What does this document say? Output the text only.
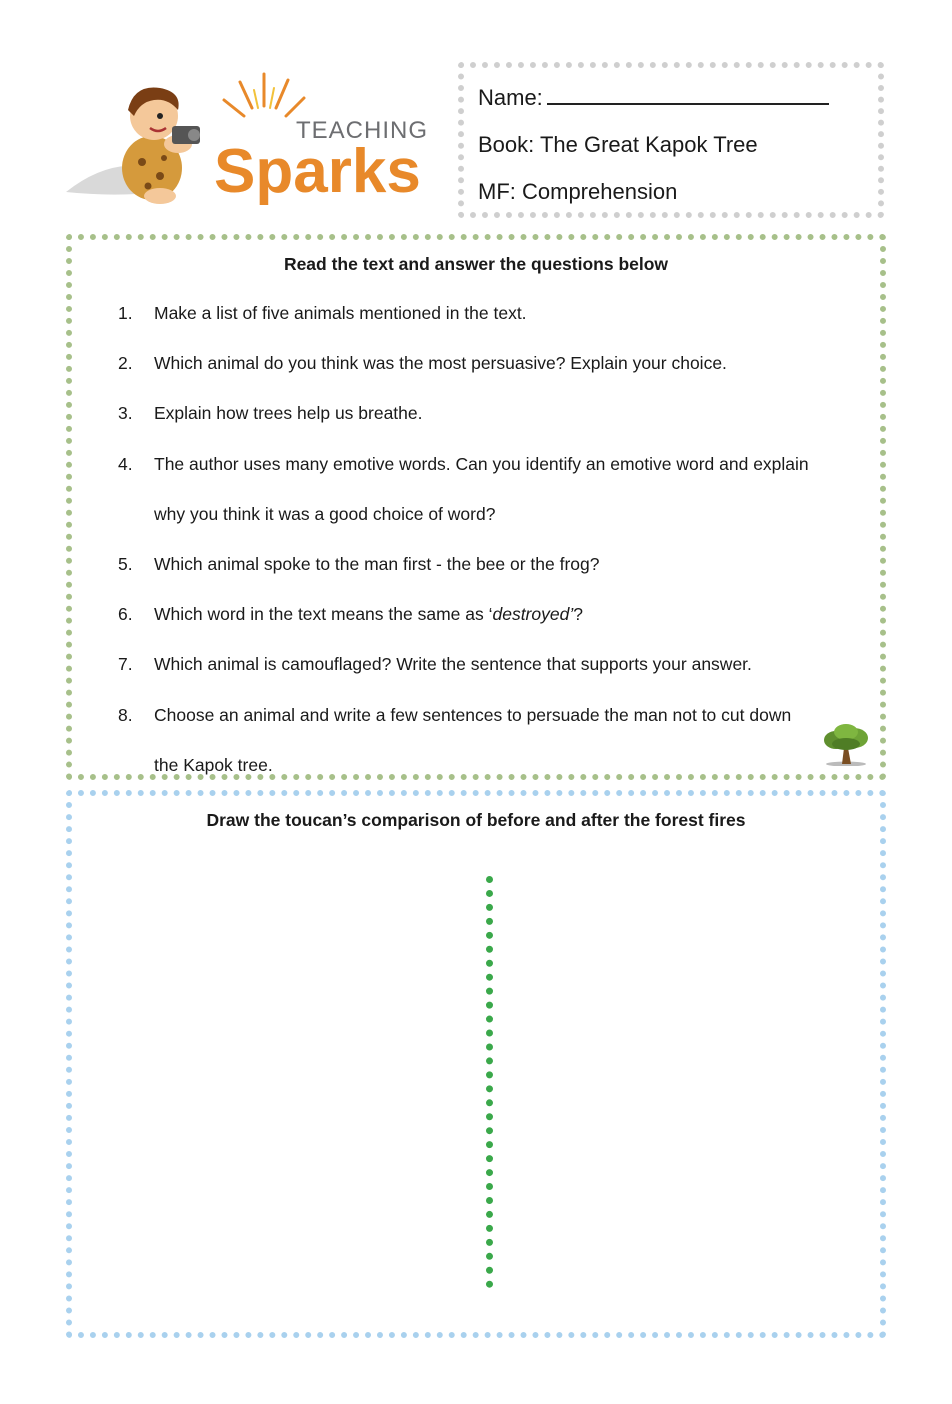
TEACHING
Sparks
Name:
Book: The Great Kapok Tree
MF: Comprehension
Read the text and answer the questions below
1.	Make a list of five animals mentioned in the text.
2.	Which animal do you think was the most persuasive? Explain your choice.
3.	Explain how trees help us breathe.
4.	The author uses many emotive words. Can you identify an emotive word and explain
why you think it was a good choice of word?
5.	Which animal spoke to the man first - the bee or the frog?
6.	Which word in the text means the same as ‘destroyed’?
7.	Which animal is camouflaged? Write the sentence that supports your answer.
8.	Choose an animal and write a few sentences to persuade the man not to cut down
the Kapok tree.
Draw the toucan’s comparison of before and after the forest fires
